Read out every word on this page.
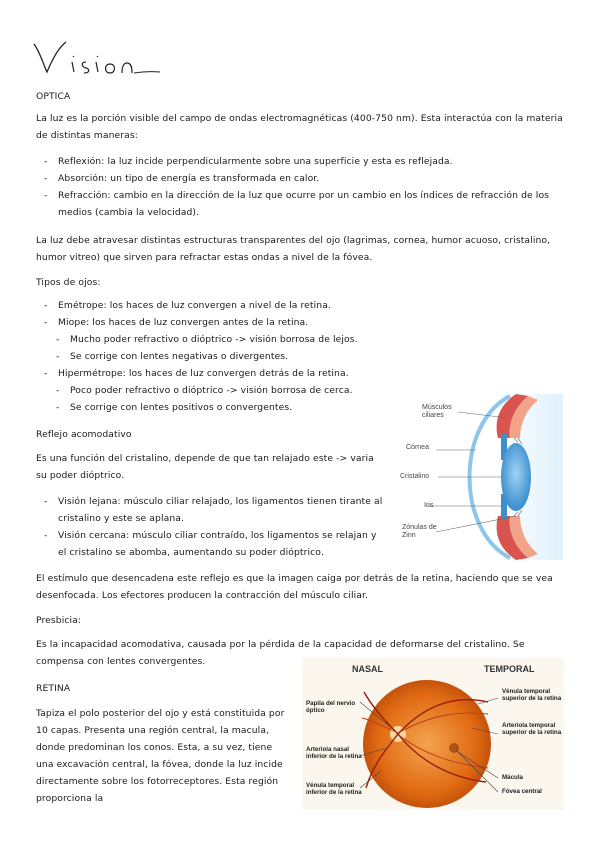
OPTICA
La luz es la porción visible del campo de ondas electromagnéticas (400-750 nm). Esta interactúa con la materia de distintas maneras:
- Reflexión: la luz incide perpendicularmente sobre una superficie y esta es reflejada.
- Absorción: un tipo de energía es transformada en calor.
- Refracción: cambio en la dirección de la luz que ocurre por un cambio en los índices de refracción de los medios (cambia la velocidad).
La luz debe atravesar distintas estructuras transparentes del ojo (lagrimas, cornea, humor acuoso, cristalino, humor vitreo) que sirven para refractar estas ondas a nivel de la fóvea.
Tipos de ojos:
- Emétrope: los haces de luz convergen a nivel de la retina.
- Miope: los haces de luz convergen antes de la retina.
- Mucho poder refractivo o dióptrico -> visión borrosa de lejos.
- Se corrige con lentes negativas o divergentes.
- Hipermétrope: los haces de luz convergen detrás de la retina.
- Poco poder refractivo o dióptrico -> visión borrosa de cerca.
- Se corrige con lentes positivos o convergentes.
Reflejo acomodativo
Es una función del cristalino, depende de que tan relajado este -> varia su poder dióptrico.
- Visión lejana: músculo ciliar relajado, los ligamentos tienen tirante al cristalino y este se aplana.
- Visión cercana: músculo ciliar contraído, los ligamentos se relajan y el cristalino se abomba, aumentando su poder dióptrico.
El estímulo que desencadena este reflejo es que la imagen caiga por detrás de la retina, haciendo que se vea desenfocada. Los efectores producen la contracción del músculo ciliar.
Músculos ciliares
Córnea
Cristalino
Iris
Zónulas de Zinn
Presbicia:
Es la incapacidad acomodativa, causada por la pérdida de la capacidad de deformarse del cristalino. Se compensa con lentes convergentes.
RETINA
Tapiza el polo posterior del ojo y está constituida por 10 capas. Presenta una región central, la macula, donde predominan los conos. Esta, a su vez, tiene una excavación central, la fóvea, donde la luz incide directamente sobre los fotorreceptores. Esta región proporciona la
NASAL	TEMPORAL
Papila del nervio óptico
Arteriola nasal inferior de la retina
Vénula temporal inferior de la retina
Vénula temporal superior de la retina
Arteriola temporal superior de la retina
Mácula
Fóvea central
